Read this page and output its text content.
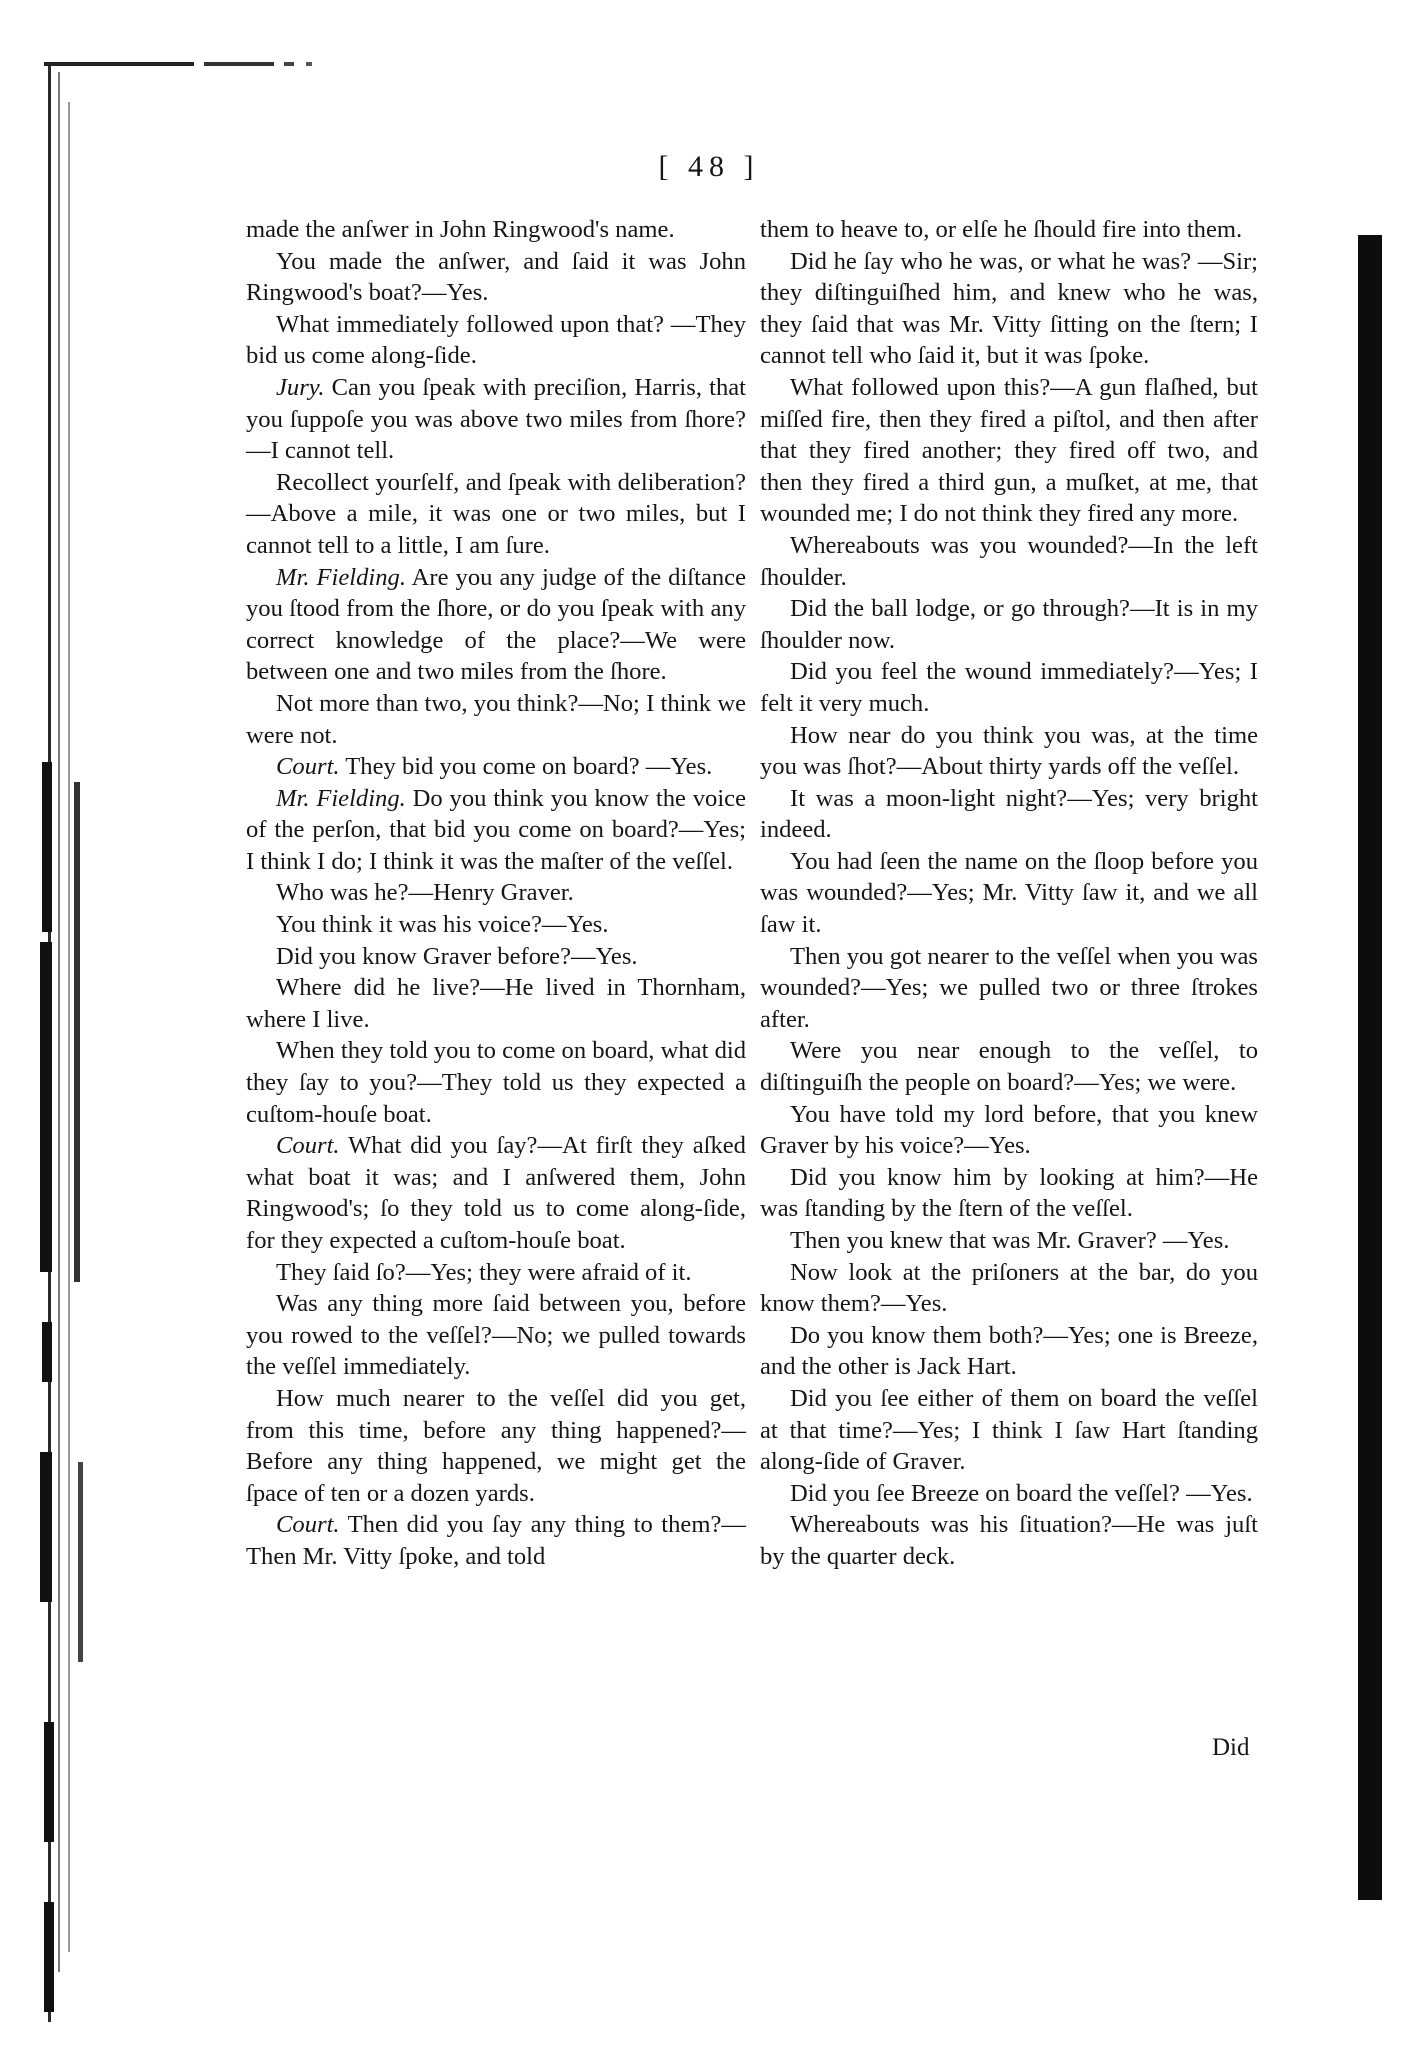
[ 48 ]

made the anſwer in John Ringwood's name.

You made the anſwer, and ſaid it was John Ringwood's boat?—Yes.

What immediately followed upon that? —They bid us come along-ſide.

Jury. Can you ſpeak with preciſion, Harris, that you ſuppoſe you was above two miles from ſhore?—I cannot tell.

Recollect yourſelf, and ſpeak with deliberation?—Above a mile, it was one or two miles, but I cannot tell to a little, I am ſure.

Mr. Fielding. Are you any judge of the diſtance you ſtood from the ſhore, or do you ſpeak with any correct knowledge of the place?—We were between one and two miles from the ſhore.

Not more than two, you think?—No; I think we were not.

Court. They bid you come on board? —Yes.

Mr. Fielding. Do you think you know the voice of the perſon, that bid you come on board?—Yes; I think I do; I think it was the maſter of the veſſel.

Who was he?—Henry Graver.

You think it was his voice?—Yes.

Did you know Graver before?—Yes.

Where did he live?—He lived in Thornham, where I live.

When they told you to come on board, what did they ſay to you?—They told us they expected a cuſtom-houſe boat.

Court. What did you ſay?—At firſt they aſked what boat it was; and I anſwered them, John Ringwood's; ſo they told us to come along-ſide, for they expected a cuſtom-houſe boat.

They ſaid ſo?—Yes; they were afraid of it.

Was any thing more ſaid between you, before you rowed to the veſſel?—No; we pulled towards the veſſel immediately.

How much nearer to the veſſel did you get, from this time, before any thing happened?—Before any thing happened, we might get the ſpace of ten or a dozen yards.

Court. Then did you ſay any thing to them?—Then Mr. Vitty ſpoke, and told

them to heave to, or elſe he ſhould fire into them.

Did he ſay who he was, or what he was? —Sir; they diſtinguiſhed him, and knew who he was, they ſaid that was Mr. Vitty ſitting on the ſtern; I cannot tell who ſaid it, but it was ſpoke.

What followed upon this?—A gun flaſhed, but miſſed fire, then they fired a piſtol, and then after that they fired another; they fired off two, and then they fired a third gun, a muſket, at me, that wounded me; I do not think they fired any more.

Whereabouts was you wounded?—In the left ſhoulder.

Did the ball lodge, or go through?—It is in my ſhoulder now.

Did you feel the wound immediately?—Yes; I felt it very much.

How near do you think you was, at the time you was ſhot?—About thirty yards off the veſſel.

It was a moon-light night?—Yes; very bright indeed.

You had ſeen the name on the ſloop before you was wounded?—Yes; Mr. Vitty ſaw it, and we all ſaw it.

Then you got nearer to the veſſel when you was wounded?—Yes; we pulled two or three ſtrokes after.

Were you near enough to the veſſel, to diſtinguiſh the people on board?—Yes; we were.

You have told my lord before, that you knew Graver by his voice?—Yes.

Did you know him by looking at him?—He was ſtanding by the ſtern of the veſſel.

Then you knew that was Mr. Graver? —Yes.

Now look at the priſoners at the bar, do you know them?—Yes.

Do you know them both?—Yes; one is Breeze, and the other is Jack Hart.

Did you ſee either of them on board the veſſel at that time?—Yes; I think I ſaw Hart ſtanding along-ſide of Graver.

Did you ſee Breeze on board the veſſel? —Yes.

Whereabouts was his ſituation?—He was juſt by the quarter deck.

Did
